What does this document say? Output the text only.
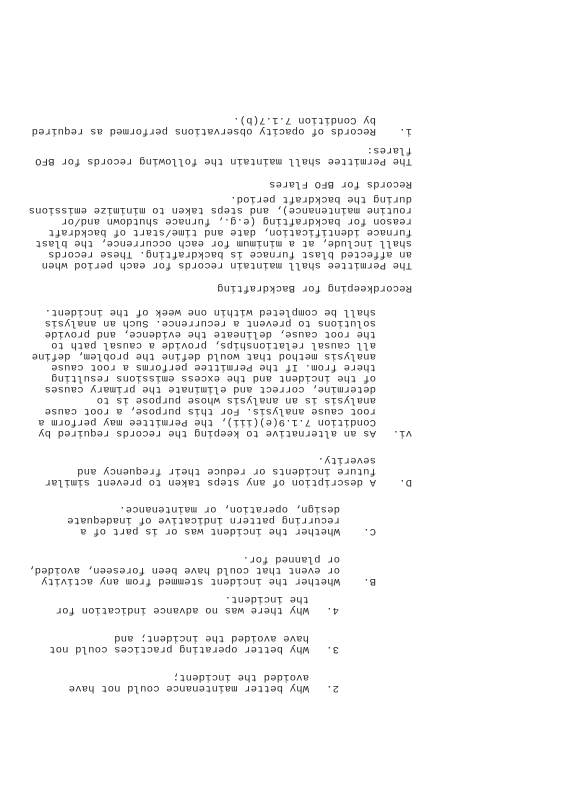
2.
Why better maintenance could not have
avoided the incident;
3.
Why better operating practices could not
have avoided the incident; and
4.
Why there was no advance indication for
the incident.
B.
Whether the incident stemmed from any activity
or event that could have been foreseen, avoided,
or planned for.
C.
Whether the incident was or is part of a
recurring pattern indicative of inadequate
design, operation, or maintenance.
D.
A description of any steps taken to prevent similar
future incidents or reduce their frequency and
severity.
vi.
As an alternative to keeping the records required by
Condition 7.1.9(e)(iii), the Permittee may perform a
root cause analysis. For this purpose, a root cause
analysis is an analysis whose purpose is to
determine, correct and eliminate the primary causes
of the incident and the excess emissions resulting
there from. If the Permittee performs a root cause
analysis method that would define the problem, define
all causal relationships, provide a causal path to
the root cause, delineate the evidence, and provide
solutions to prevent a recurrence. Such an analysis
shall be completed within one week of the incident.
Recordkeeping for Backdrafting
The Permittee shall maintain records for each period when
an affected blast furnace is backdrafting. These records
shall include, at a minimum for each occurrence, the blast
furnace identification, date and time/start of backdraft
reason for backdrafting (e.g., furnace shutdown and/or
routine maintenance), and steps taken to minimize emissions
during the backdraft period.
Records for BFO Flares
The Permittee shall maintain the following records for BFO
flares:
i.
Records of opacity observations performed as required
by Condition 7.1.7(b).
